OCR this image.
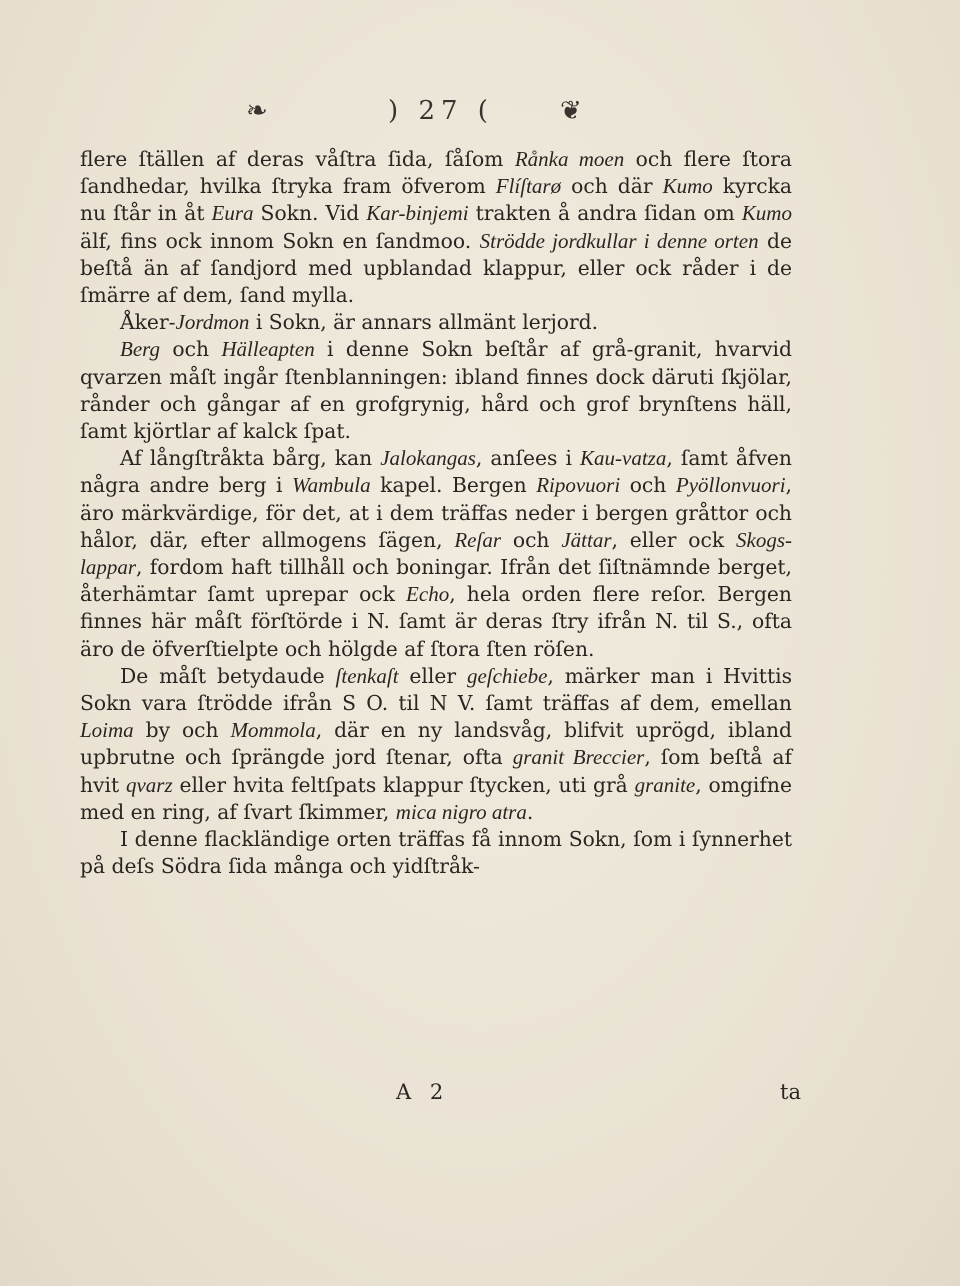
❧	) 27 (	❦

flere ſtällen af deras våſtra ſida, ſåſom Rånka moen och flere ſtora ſandhedar, hvilka ſtryka fram öfverom Flíſtarø och där Kumo kyrcka nu ſtår in åt Eura Sokn. Vid Kar-binjemi trakten å andra ſidan om Kumo älf, fins ock innom Sokn en ſandmoo. Strödde jordkullar i denne orten de beſtå än af ſandjord med upblandad klappur, eller ock råder i de ſmärre af dem, ſand mylla.

Åker-Jordmon i Sokn, är annars allmänt lerjord.

Berg och Hälleарten i denne Sokn beſtår af grå-granit, hvarvid qvarzen måſt ingår ſtenblanningen: ibland finnes dock däruti ſkjölar, rånder och gångar af en grofgrynig, hård och grof brynſtens häll, ſamt kjörtlar af kalck ſpat.

Af långſtråkta bårg, kan Jalokangas, anſees i Kau-vatza, ſamt åfven några andre berg i Wambula kapel. Bergen Ripovuori och Pyöllonvuori, äro märkvärdige, för det, at i dem träffas neder i bergen gråttor och hålor, där, efter allmogens ſägen, Reſar och Jättar, eller ock Skogs-lappar, fordom haft tillhåll och boningar. Ifrån det ſiſtnämnde berget, återhämtar ſamt uprepar ock Echo, hela orden flere reſor. Bergen finnes här måſt förſtörde i N. ſamt är deras ſtry ifrån N. til S., ofta äro de öfverſtielpte och hölgde af ſtora ſten röſen.

De måſt betydaude ſtenkaſt eller geſchiebe, märker man i Hvittis Sokn vara ſtrödde ifrån S O. til N V. ſamt träffas af dem, emellan Loima by och Mommola, där en ny landsvåg, blifvit uprögd, ibland upbrutne och ſprängde jord ſtenar, ofta granit Breccier, ſom beſtå af hvit qvarz eller hvita feltſpats klappur ſtycken, uti grå granite, omgifne med en ring, af ſvart ſkimmer, mica nigro atra.

I denne flackländige orten träffas få innom Sokn, ſom i ſynnerhet på deſs Södra ſida många och yidſtråk-

A 2	ta
